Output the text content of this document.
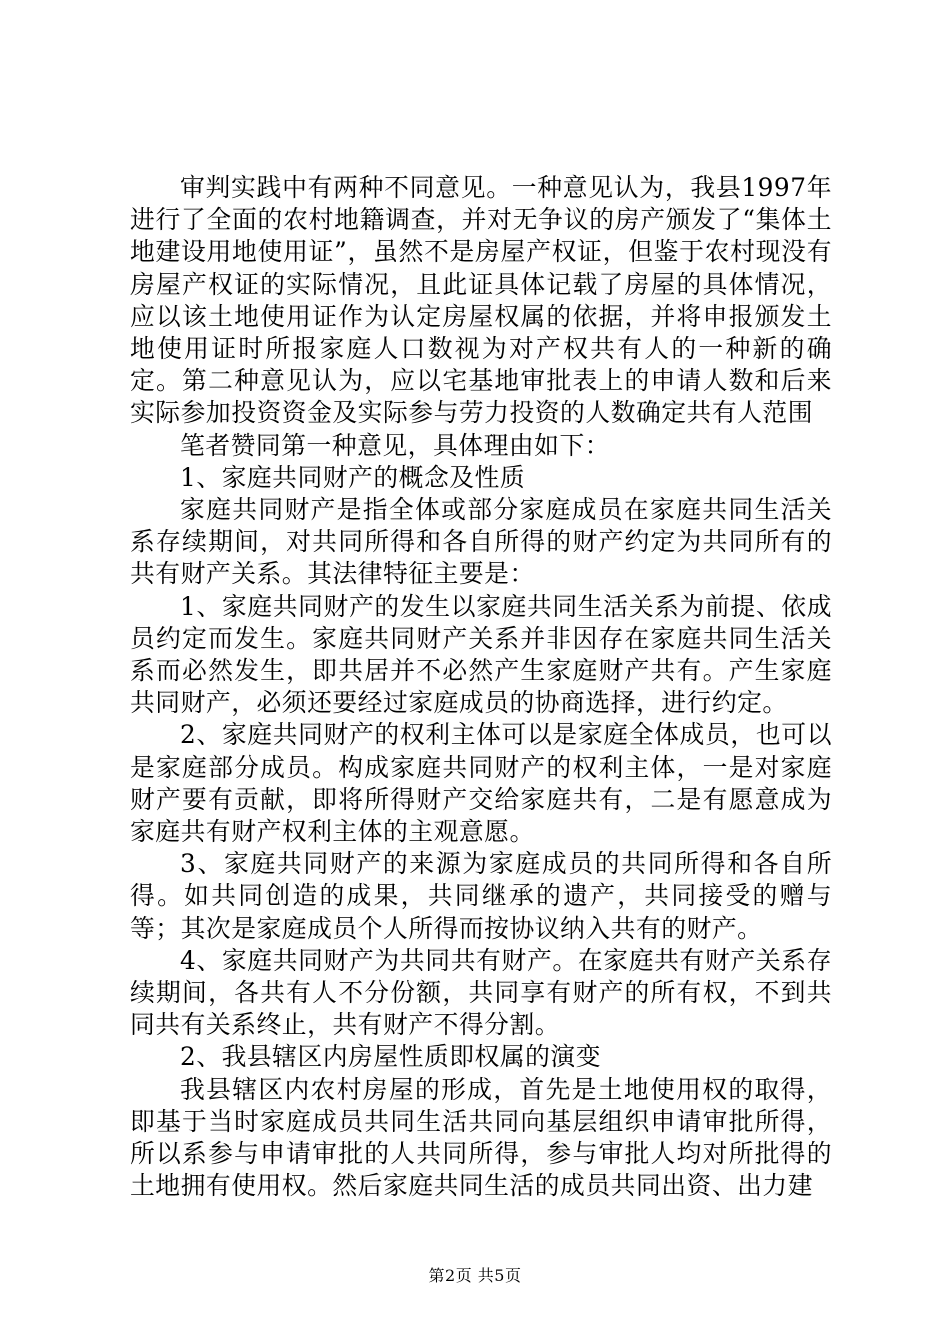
审判实践中有两种不同意见。一种意见认为，我县1997年进行了全面的农村地籍调查，并对无争议的房产颁发了“集体土地建设用地使用证”，虽然不是房屋产权证，但鉴于农村现没有房屋产权证的实际情况，且此证具体记载了房屋的具体情况，应以该土地使用证作为认定房屋权属的依据，并将申报颁发土地使用证时所报家庭人口数视为对产权共有人的一种新的确定。第二种意见认为，应以宅基地审批表上的申请人数和后来实际参加投资资金及实际参与劳力投资的人数确定共有人范围

笔者赞同第一种意见，具体理由如下：

1、家庭共同财产的概念及性质

家庭共同财产是指全体或部分家庭成员在家庭共同生活关系存续期间，对共同所得和各自所得的财产约定为共同所有的共有财产关系。其法律特征主要是：

1、家庭共同财产的发生以家庭共同生活关系为前提、依成员约定而发生。家庭共同财产关系并非因存在家庭共同生活关系而必然发生，即共居并不必然产生家庭财产共有。产生家庭共同财产，必须还要经过家庭成员的协商选择，进行约定。

2、家庭共同财产的权利主体可以是家庭全体成员，也可以是家庭部分成员。构成家庭共同财产的权利主体，一是对家庭财产要有贡献，即将所得财产交给家庭共有，二是有愿意成为家庭共有财产权利主体的主观意愿。

3、家庭共同财产的来源为家庭成员的共同所得和各自所得。如共同创造的成果，共同继承的遗产，共同接受的赠与等；其次是家庭成员个人所得而按协议纳入共有的财产。

4、家庭共同财产为共同共有财产。在家庭共有财产关系存续期间，各共有人不分份额，共同享有财产的所有权，不到共同共有关系终止，共有财产不得分割。

2、我县辖区内房屋性质即权属的演变

我县辖区内农村房屋的形成，首先是土地使用权的取得，即基于当时家庭成员共同生活共同向基层组织申请审批所得，所以系参与申请审批的人共同所得，参与审批人均对所批得的土地拥有使用权。然后家庭共同生活的成员共同出资、出力建

第2页 共5页
